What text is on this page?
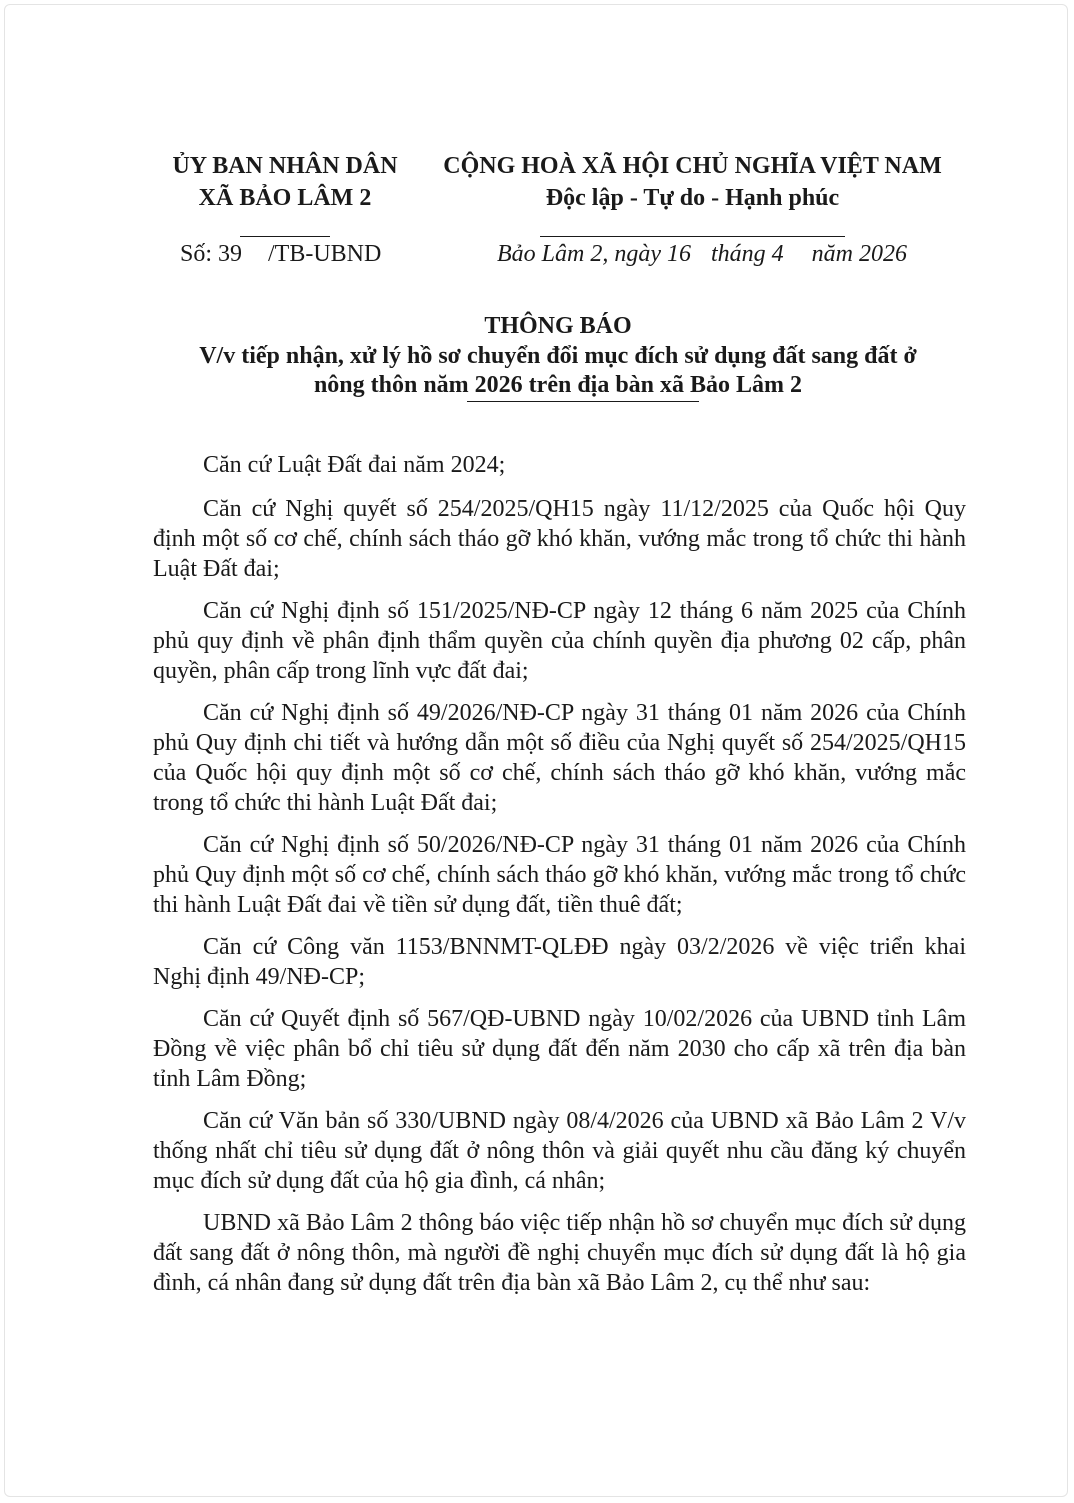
ỦY BAN NHÂN DÂN
XÃ BẢO LÂM 2
CỘNG HOÀ XÃ HỘI CHỦ NGHĨA VIỆT NAM
Độc lập - Tự do - Hạnh phúc
Số: 39 /TB-UBND	Bảo Lâm 2, ngày 16 tháng 4 năm 2026
THÔNG BÁO
V/v tiếp nhận, xử lý hồ sơ chuyển đổi mục đích sử dụng đất sang đất ở
nông thôn năm 2026 trên địa bàn xã Bảo Lâm 2

Căn cứ Luật Đất đai năm 2024;

Căn cứ Nghị quyết số 254/2025/QH15 ngày 11/12/2025 của Quốc hội Quy định một số cơ chế, chính sách tháo gỡ khó khăn, vướng mắc trong tổ chức thi hành Luật Đất đai;

Căn cứ Nghị định số 151/2025/NĐ-CP ngày 12 tháng 6 năm 2025 của Chính phủ quy định về phân định thẩm quyền của chính quyền địa phương 02 cấp, phân quyền, phân cấp trong lĩnh vực đất đai;

Căn cứ Nghị định số 49/2026/NĐ-CP ngày 31 tháng 01 năm 2026 của Chính phủ Quy định chi tiết và hướng dẫn một số điều của Nghị quyết số 254/2025/QH15 của Quốc hội quy định một số cơ chế, chính sách tháo gỡ khó khăn, vướng mắc trong tổ chức thi hành Luật Đất đai;

Căn cứ Nghị định số 50/2026/NĐ-CP ngày 31 tháng 01 năm 2026 của Chính phủ Quy định một số cơ chế, chính sách tháo gỡ khó khăn, vướng mắc trong tổ chức thi hành Luật Đất đai về tiền sử dụng đất, tiền thuê đất;

Căn cứ Công văn 1153/BNNMT-QLĐĐ ngày 03/2/2026 về việc triển khai Nghị định 49/NĐ-CP;

Căn cứ Quyết định số 567/QĐ-UBND ngày 10/02/2026 của UBND tỉnh Lâm Đồng về việc phân bổ chỉ tiêu sử dụng đất đến năm 2030 cho cấp xã trên địa bàn tỉnh Lâm Đồng;

Căn cứ Văn bản số 330/UBND ngày 08/4/2026 của UBND xã Bảo Lâm 2 V/v thống nhất chỉ tiêu sử dụng đất ở nông thôn và giải quyết nhu cầu đăng ký chuyển mục đích sử dụng đất của hộ gia đình, cá nhân;

UBND xã Bảo Lâm 2 thông báo việc tiếp nhận hồ sơ chuyển mục đích sử dụng đất sang đất ở nông thôn, mà người đề nghị chuyển mục đích sử dụng đất là hộ gia đình, cá nhân đang sử dụng đất trên địa bàn xã Bảo Lâm 2, cụ thể như sau:
